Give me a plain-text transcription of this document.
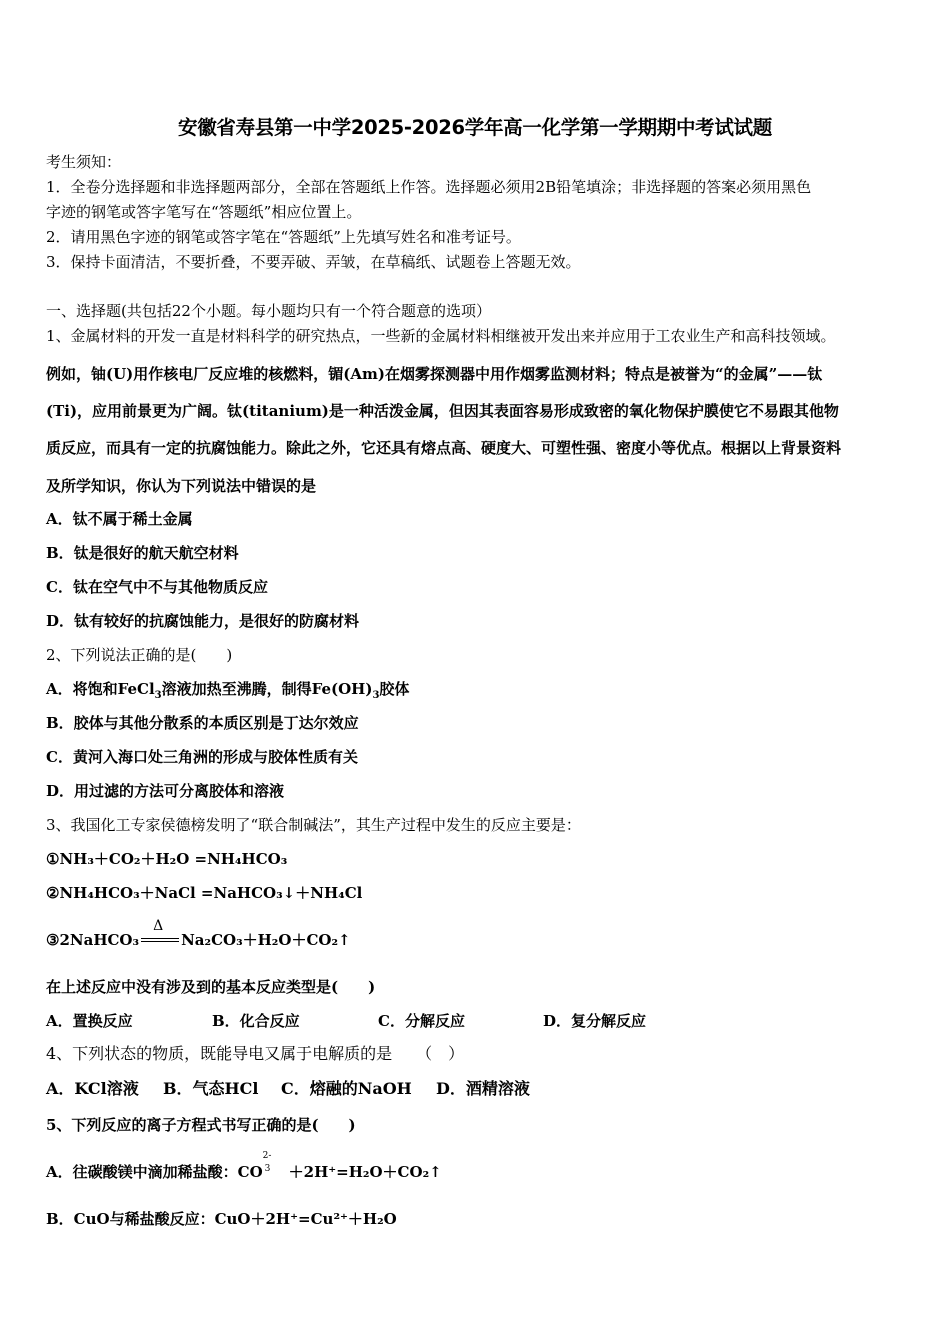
安徽省寿县第一中学2025-2026学年高一化学第一学期期中考试试题
考生须知：
1．全卷分选择题和非选择题两部分，全部在答题纸上作答。选择题必须用2B铅笔填涂；非选择题的答案必须用黑色
字迹的钢笔或答字笔写在“答题纸”相应位置上。
2．请用黑色字迹的钢笔或答字笔在“答题纸”上先填写姓名和准考证号。
3．保持卡面清洁，不要折叠，不要弄破、弄皱，在草稿纸、试题卷上答题无效。
一、选择题(共包括22个小题。每小题均只有一个符合题意的选项）
1、金属材料的开发一直是材料科学的研究热点，一些新的金属材料相继被开发出来并应用于工农业生产和高科技领域。
例如，铀(U)用作核电厂反应堆的核燃料，镅(Am)在烟雾探测器中用作烟雾监测材料；特点是被誉为“的金属”——钛
(Ti)，应用前景更为广阔。钛(titanium)是一种活泼金属，但因其表面容易形成致密的氧化物保护膜使它不易跟其他物
质反应，而具有一定的抗腐蚀能力。除此之外，它还具有熔点高、硬度大、可塑性强、密度小等优点。根据以上背景资料
及所学知识，你认为下列说法中错误的是
A．钛不属于稀土金属
B．钛是很好的航天航空材料
C．钛在空气中不与其他物质反应
D．钛有较好的抗腐蚀能力，是很好的防腐材料
2、下列说法正确的是(　　)
A．将饱和FeCl$_3$溶液加热至沸腾，制得$Fe(OH)_3$胶体
B．胶体与其他分散系的本质区别是丁达尔效应
C．黄河入海口处三角洲的形成与胶体性质有关
D．用过滤的方法可分离胶体和溶液
3、我国化工专家侯德榜发明了“联合制碱法”，其生产过程中发生的反应主要是：
①NH₃＋CO₂＋H₂O =NH₄HCO₃
②NH₄HCO₃＋NaCl =NaHCO₃↓＋NH₄Cl
③2NaHCO₃
Δ
Na₂CO₃＋H₂O＋CO₂↑
在上述反应中没有涉及到的基本反应类型是(　　)
A．置换反应	B．化合反应	C．分解反应	D．复分解反应
4、下列状态的物质，既能导电又属于电解质的是　　（　）
A．KCl溶液 B．气态HCl C．熔融的NaOH D．酒精溶液
5、下列反应的离子方程式书写正确的是(　　)
A．往碳酸镁中滴加稀盐酸：CO
2-
3 ＋2H⁺=H₂O＋CO₂↑
B．CuO与稀盐酸反应：CuO＋2H⁺=Cu²⁺＋H₂O
